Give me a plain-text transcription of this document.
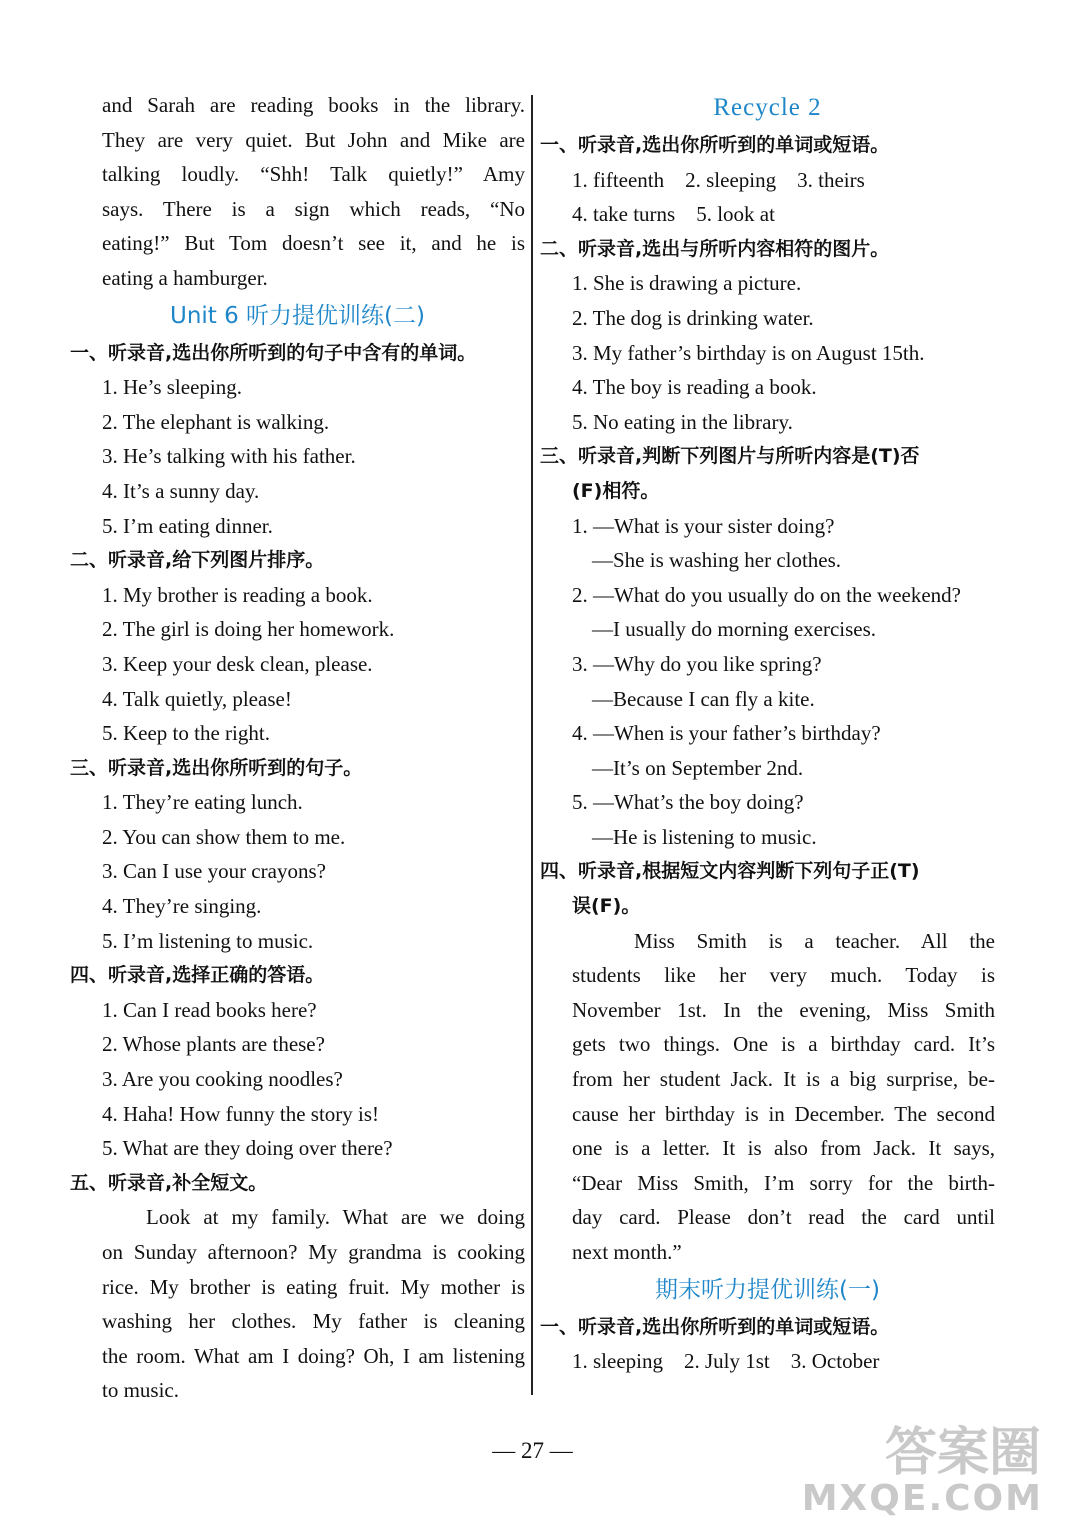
and Sarah are reading books in the library.
They are very quiet. But John and Mike are
talking loudly. “Shh! Talk quietly!” Amy
says. There is a sign which reads, “No
eating!” But Tom doesn’t see it, and he is
eating a hamburger.
Unit 6 听力提优训练(二)
一、听录音,选出你所听到的句子中含有的单词。
1. He’s sleeping.
2. The elephant is walking.
3. He’s talking with his father.
4. It’s a sunny day.
5. I’m eating dinner.
二、听录音,给下列图片排序。
1. My brother is reading a book.
2. The girl is doing her homework.
3. Keep your desk clean, please.
4. Talk quietly, please!
5. Keep to the right.
三、听录音,选出你所听到的句子。
1. They’re eating lunch.
2. You can show them to me.
3. Can I use your crayons?
4. They’re singing.
5. I’m listening to music.
四、听录音,选择正确的答语。
1. Can I read books here?
2. Whose plants are these?
3. Are you cooking noodles?
4. Haha! How funny the story is!
5. What are they doing over there?
五、听录音,补全短文。
Look at my family. What are we doing
on Sunday afternoon? My grandma is cooking
rice. My brother is eating fruit. My mother is
washing her clothes. My father is cleaning
the room. What am I doing? Oh, I am listening
to music.
Recycle 2
一、听录音,选出你所听到的单词或短语。
1. fifteenth    2. sleeping    3. theirs
4. take turns    5. look at
二、听录音,选出与所听内容相符的图片。
1. She is drawing a picture.
2. The dog is drinking water.
3. My father’s birthday is on August 15th.
4. The boy is reading a book.
5. No eating in the library.
三、听录音,判断下列图片与所听内容是(T)否
(F)相符。
1. —What is your sister doing?
—She is washing her clothes.
2. —What do you usually do on the weekend?
—I usually do morning exercises.
3. —Why do you like spring?
—Because I can fly a kite.
4. —When is your father’s birthday?
—It’s on September 2nd.
5. —What’s the boy doing?
—He is listening to music.
四、听录音,根据短文内容判断下列句子正(T)
误(F)。
Miss Smith is a teacher. All the
students like her very much. Today is
November 1st. In the evening, Miss Smith
gets two things. One is a birthday card. It’s
from her student Jack. It is a big surprise, be-
cause her birthday is in December. The second
one is a letter. It is also from Jack. It says,
“Dear Miss Smith, I’m sorry for the birth-
day card. Please don’t read the card until
next month.”
期末听力提优训练(一)
一、听录音,选出你所听到的单词或短语。
1. sleeping    2. July 1st    3. October
— 27 —	答案圈
MXQE.COM
